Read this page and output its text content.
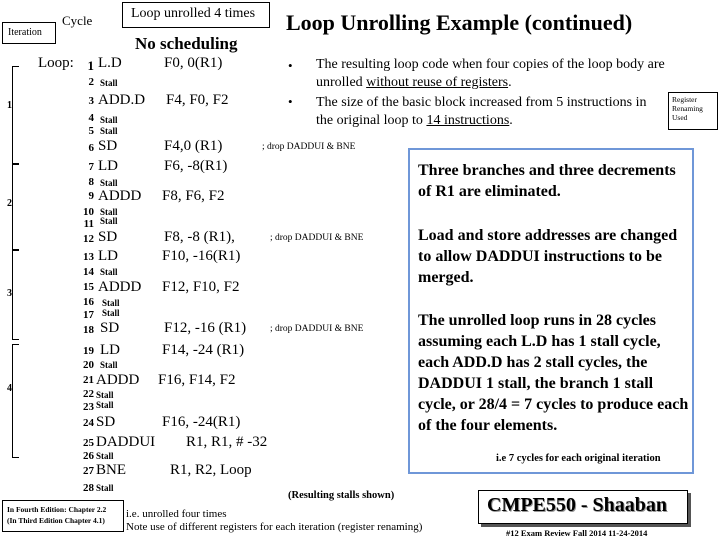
Iteration
Cycle	Loop unrolled 4 times Loop Unrolling Example (continued)
No scheduling
1
2
3
4
Loop:	1 L.D	F0, 0(R1)
2 Stall
3 ADD.D F4, F0, F2
4 Stall
5 Stall
6 SD	F4,0 (R1)	; drop DADDUI & BNE
7 LD	F6, -8(R1)
8 Stall
9 ADDD F8, F6, F2
10 Stall
11 Stall
12 SD	F8, -8 (R1),	; drop DADDUI & BNE
13 LD	F10, -16(R1)
14 Stall
15 ADDD F12, F10, F2
16 Stall
17 Stall
18 SD	F12, -16 (R1)	; drop DADDUI & BNE
19 LD	F14, -24 (R1)
20 Stall
21 ADDD F16, F14, F2
22 Stall
23 Stall
24 SD	F16, -24(R1)
25 DADDUI R1, R1, # -32
26 Stall
27 BNE	R1, R2, Loop
28 Stall
• The resulting loop code when four copies of the loop body are unrolled without reuse of registers.
• The size of the basic block increased from 5 instructions in the original loop to 14 instructions.
Register Renaming Used

Three branches and three decrements of R1 are eliminated.

Load and store addresses are changed to allow DADDUI instructions to be merged.

The unrolled loop runs in 28 cycles assuming each L.D has 1 stall cycle, each ADD.D has 2 stall cycles, the DADDUI 1 stall, the branch 1 stall cycle, or 28/4 = 7 cycles to produce each of the four elements.

i.e 7 cycles for each original iteration
(Resulting stalls shown)
In Fourth Edition: Chapter 2.2
(In Third Edition Chapter 4.1)
i.e. unrolled four times
Note use of different registers for each iteration (register renaming)
CMPE550 - Shaaban
#12 Exam Review Fall 2014 11-24-2014
